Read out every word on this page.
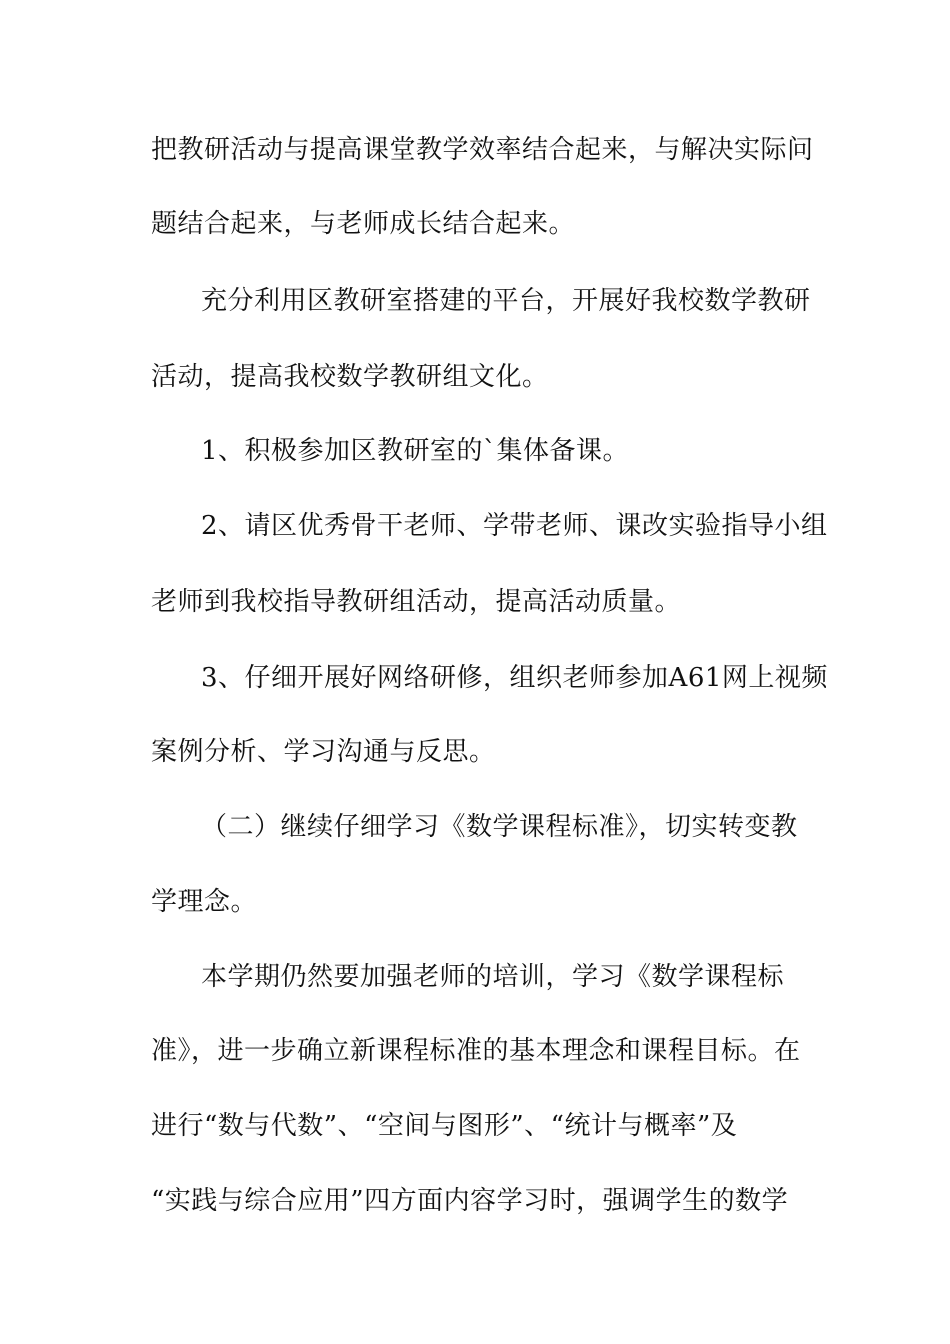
把教研活动与提高课堂教学效率结合起来，与解决实际问
题结合起来，与老师成长结合起来。
充分利用区教研室搭建的平台，开展好我校数学教研
活动，提高我校数学教研组文化。
1、积极参加区教研室的`集体备课。
2、请区优秀骨干老师、学带老师、课改实验指导小组
老师到我校指导教研组活动，提高活动质量。
3、仔细开展好网络研修，组织老师参加A61网上视频
案例分析、学习沟通与反思。
（二）继续仔细学习《数学课程标准》，切实转变教
学理念。
本学期仍然要加强老师的培训，学习《数学课程标
准》，进一步确立新课程标准的基本理念和课程目标。在
进行“数与代数”、“空间与图形”、“统计与概率”及
“实践与综合应用”四方面内容学习时，强调学生的数学
